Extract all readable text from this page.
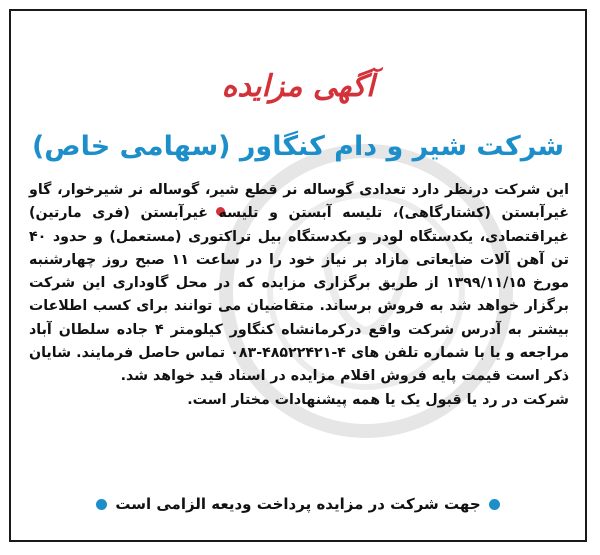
آگهی مزایده
شرکت شیر و دام کنگاور (سهامی خاص)

این شرکت درنظر دارد تعدادی گوساله نر قطع شیر، گوساله نر شیرخوار، گاو غیرآبستن (کشتارگاهی)، تلیسه آبستن و تلیسه غیرآبستن (فری مارتین) غیراقتصادی، یکدستگاه لودر و یکدستگاه بیل تراکتوری (مستعمل) و حدود ۴۰ تن آهن آلات ضایعاتی مازاد بر نیاز خود را در ساعت ۱۱ صبح روز چهارشنبه مورخ ۱۳۹۹/۱۱/۱۵ از طریق برگزاری مزایده که در محل گاوداری این شرکت برگزار خواهد شد به فروش برساند. متقاضیان می توانند برای کسب اطلاعات بیشتر به آدرس شرکت واقع درکرمانشاه کنگاور کیلومتر ۴ جاده سلطان آباد مراجعه و یا با شماره تلفن های ۴-۴۸۵۲۲۴۲۱-۰۸۳ تماس حاصل فرمایند. شایان ذکر است قیمت پایه فروش اقلام مزایده در اسناد قید خواهد شد.

شرکت در رد یا قبول یک یا همه پیشنهادات مختار است.

جهت شرکت در مزایده پرداخت ودیعه الزامی است
